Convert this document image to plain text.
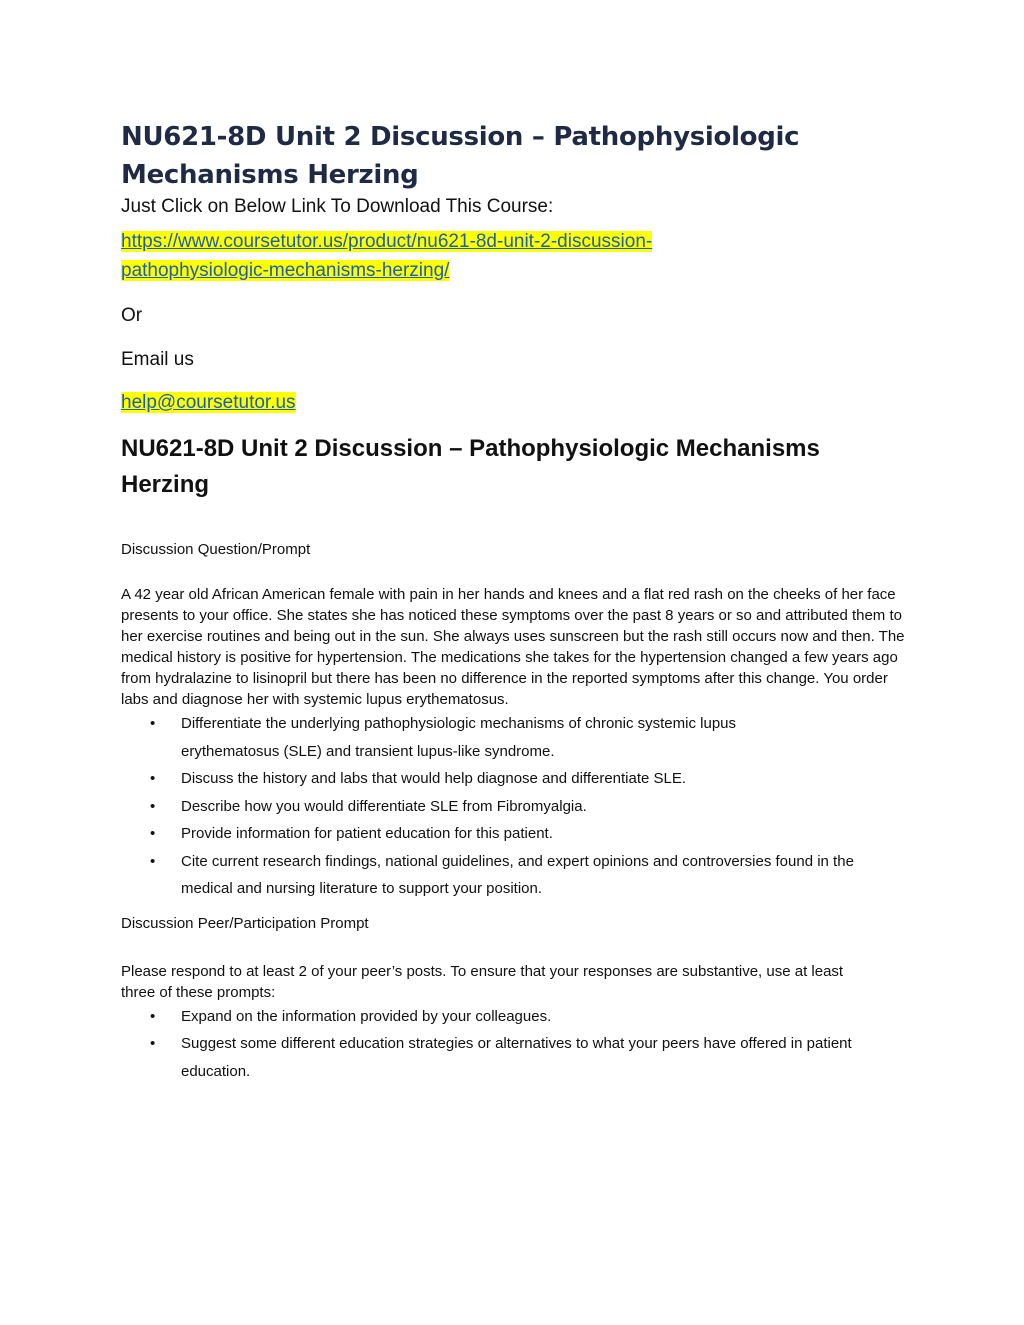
NU621-8D Unit 2 Discussion – Pathophysiologic Mechanisms Herzing

Just Click on Below Link To Download This Course:

https://www.coursetutor.us/product/nu621-8d-unit-2-discussion-pathophysiologic-mechanisms-herzing/

Or

Email us

help@coursetutor.us

NU621-8D Unit 2 Discussion – Pathophysiologic Mechanisms Herzing

Discussion Question/Prompt

A 42 year old African American female with pain in her hands and knees and a flat red rash on the cheeks of her face presents to your office. She states she has noticed these symptoms over the past 8 years or so and attributed them to her exercise routines and being out in the sun. She always uses sunscreen but the rash still occurs now and then. The medical history is positive for hypertension. The medications she takes for the hypertension changed a few years ago from hydralazine to lisinopril but there has been no difference in the reported symptoms after this change. You order labs and diagnose her with systemic lupus erythematosus.

• Differentiate the underlying pathophysiologic mechanisms of chronic systemic lupus erythematosus (SLE) and transient lupus-like syndrome.
• Discuss the history and labs that would help diagnose and differentiate SLE.
• Describe how you would differentiate SLE from Fibromyalgia.
• Provide information for patient education for this patient.
• Cite current research findings, national guidelines, and expert opinions and controversies found in the medical and nursing literature to support your position.

Discussion Peer/Participation Prompt

Please respond to at least 2 of your peer’s posts. To ensure that your responses are substantive, use at least three of these prompts:

• Expand on the information provided by your colleagues.
• Suggest some different education strategies or alternatives to what your peers have offered in patient education.
